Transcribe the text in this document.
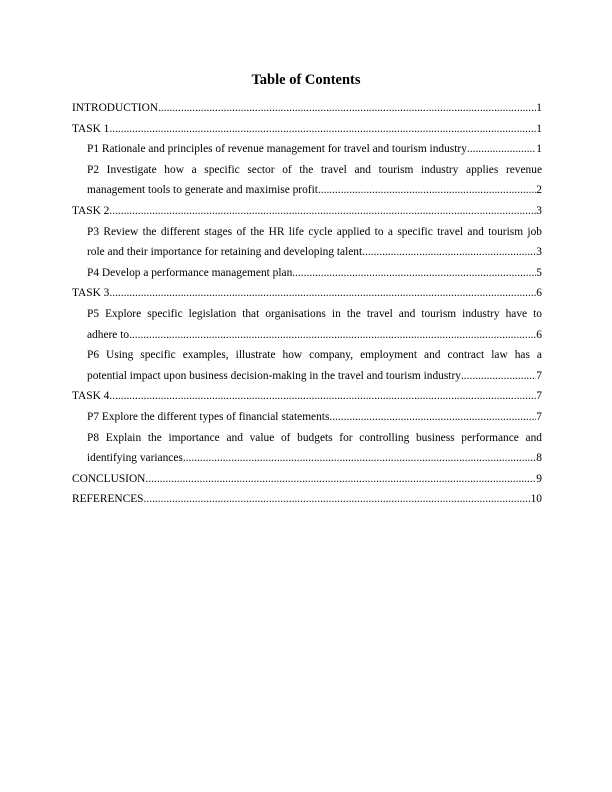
Table of Contents
INTRODUCTION .....	1
TASK 1 .....	1
P1 Rationale and principles of revenue management for travel and tourism industry .....	1
P2 Investigate how a specific sector of the travel and tourism industry applies revenue
management tools to generate and maximise profit .....	2
TASK 2 .....	3
P3 Review the different stages of the HR life cycle applied to a specific travel and tourism job
role and their importance for retaining and developing talent .....	3
P4 Develop a performance management plan .....	5
TASK 3 .....	6
P5 Explore specific legislation that organisations in the travel and tourism industry have to
adhere to .....	6
P6 Using specific examples, illustrate how company, employment and contract law has a
potential impact upon business decision-making in the travel and tourism industry .....	7
TASK 4 .....	7
P7 Explore the different types of financial statements .....	7
P8 Explain the importance and value of budgets for controlling business performance and
identifying variances .....	8
CONCLUSION .....	9
REFERENCES .....	10
